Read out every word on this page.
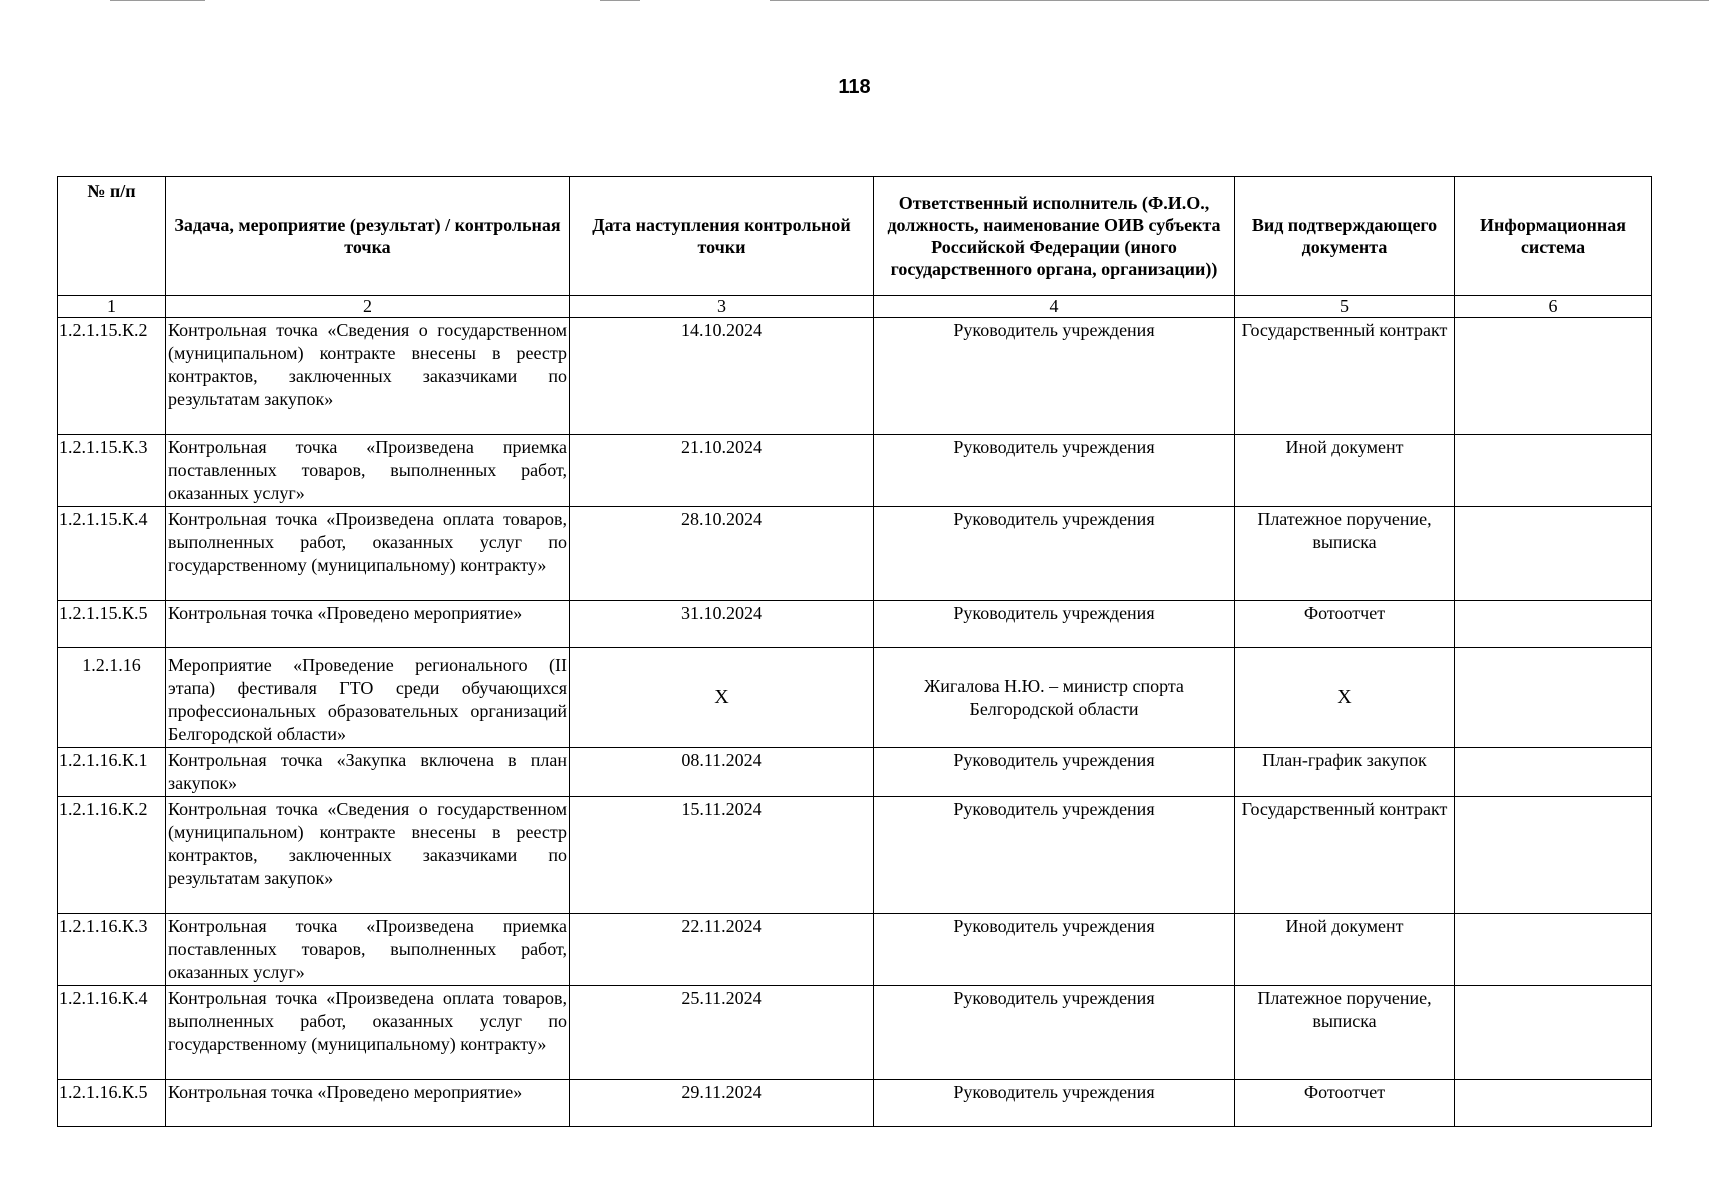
118
№ п/п	Задача, мероприятие (результат) / контрольная точка	Дата наступления контрольной точки	Ответственный исполнитель (Ф.И.О., должность, наименование ОИВ субъекта Российской Федерации (иного государственного органа, организации))	Вид подтверждающего документа	Информационная система
1	2	3	4	5	6
1.2.1.15.К.2	Контрольная точка «Сведения о государственном (муниципальном) контракте внесены в реестр контрактов, заключенных заказчиками по результатам закупок»	14.10.2024	Руководитель учреждения	Государственный контракт	
1.2.1.15.К.3	Контрольная точка «Произведена приемка поставленных товаров, выполненных работ, оказанных услуг»	21.10.2024	Руководитель учреждения	Иной документ	
1.2.1.15.К.4	Контрольная точка «Произведена оплата товаров, выполненных работ, оказанных услуг по государственному (муниципальному) контракту»	28.10.2024	Руководитель учреждения	Платежное поручение, выписка	
1.2.1.15.К.5	Контрольная точка «Проведено мероприятие»	31.10.2024	Руководитель учреждения	Фотоотчет	
1.2.1.16	Мероприятие «Проведение регионального (II этапа) фестиваля ГТО среди обучающихся профессиональных образовательных организаций Белгородской области»	Х	Жигалова Н.Ю. – министр спорта Белгородской области	Х	
1.2.1.16.К.1	Контрольная точка «Закупка включена в план закупок»	08.11.2024	Руководитель учреждения	План-график закупок	
1.2.1.16.К.2	Контрольная точка «Сведения о государственном (муниципальном) контракте внесены в реестр контрактов, заключенных заказчиками по результатам закупок»	15.11.2024	Руководитель учреждения	Государственный контракт	
1.2.1.16.К.3	Контрольная точка «Произведена приемка поставленных товаров, выполненных работ, оказанных услуг»	22.11.2024	Руководитель учреждения	Иной документ	
1.2.1.16.К.4	Контрольная точка «Произведена оплата товаров, выполненных работ, оказанных услуг по государственному (муниципальному) контракту»	25.11.2024	Руководитель учреждения	Платежное поручение, выписка	
1.2.1.16.К.5	Контрольная точка «Проведено мероприятие»	29.11.2024	Руководитель учреждения	Фотоотчет	
